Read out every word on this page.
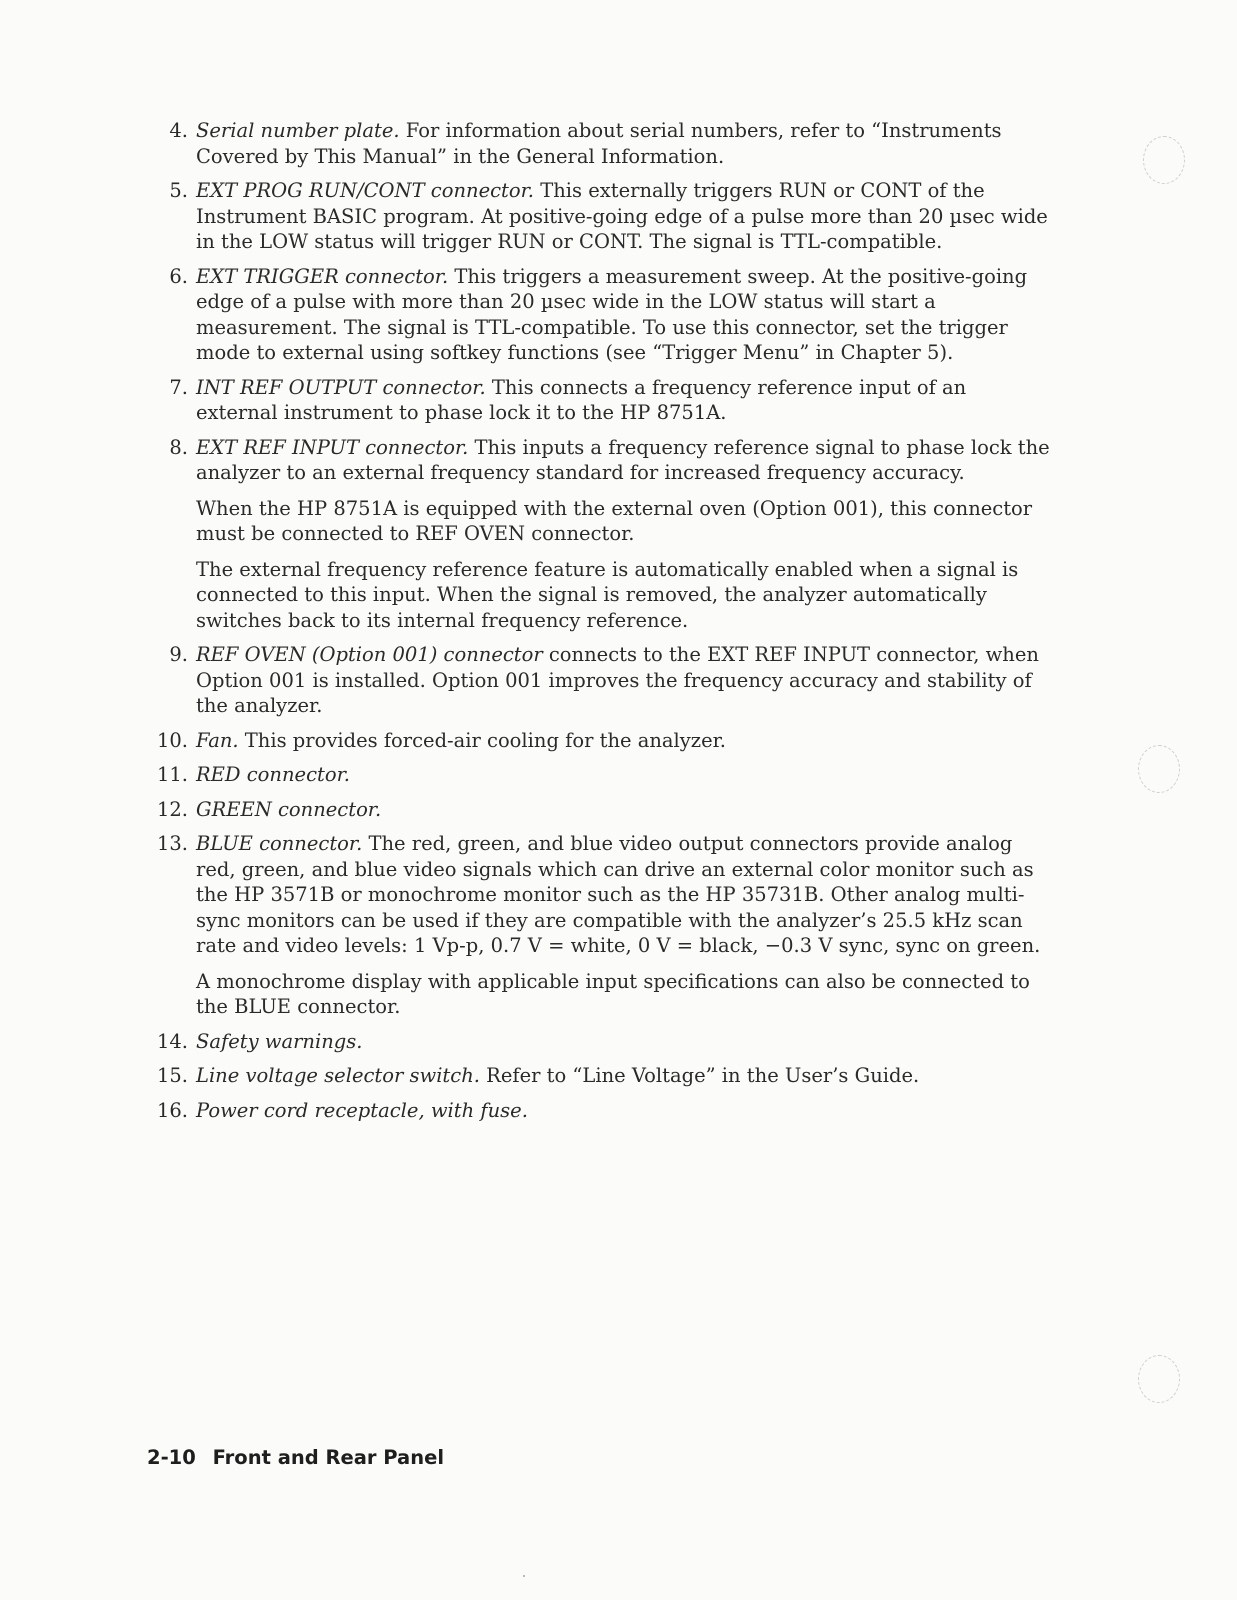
4. Serial number plate. For information about serial numbers, refer to “Instruments Covered by This Manual” in the General Information.

5. EXT PROG RUN/CONT connector. This externally triggers RUN or CONT of the Instrument BASIC program. At positive-going edge of a pulse more than 20 µsec wide in the LOW status will trigger RUN or CONT. The signal is TTL-compatible.

6. EXT TRIGGER connector. This triggers a measurement sweep. At the positive-going edge of a pulse with more than 20 µsec wide in the LOW status will start a measurement. The signal is TTL-compatible. To use this connector, set the trigger mode to external using softkey functions (see “Trigger Menu” in Chapter 5).

7. INT REF OUTPUT connector. This connects a frequency reference input of an external instrument to phase lock it to the HP 8751A.

8. EXT REF INPUT connector. This inputs a frequency reference signal to phase lock the analyzer to an external frequency standard for increased frequency accuracy.

When the HP 8751A is equipped with the external oven (Option 001), this connector must be connected to REF OVEN connector.

The external frequency reference feature is automatically enabled when a signal is connected to this input. When the signal is removed, the analyzer automatically switches back to its internal frequency reference.

9. REF OVEN (Option 001) connector connects to the EXT REF INPUT connector, when Option 001 is installed. Option 001 improves the frequency accuracy and stability of the analyzer.

10. Fan. This provides forced-air cooling for the analyzer.

11. RED connector.

12. GREEN connector.

13. BLUE connector. The red, green, and blue video output connectors provide analog red, green, and blue video signals which can drive an external color monitor such as the HP 3571B or monochrome monitor such as the HP 35731B. Other analog multi-sync monitors can be used if they are compatible with the analyzer’s 25.5 kHz scan rate and video levels: 1 Vp-p, 0.7 V = white, 0 V = black, −0.3 V sync, sync on green.

A monochrome display with applicable input specifications can also be connected to the BLUE connector.

14. Safety warnings.

15. Line voltage selector switch. Refer to “Line Voltage” in the User’s Guide.

16. Power cord receptacle, with fuse.

2-10 Front and Rear Panel
